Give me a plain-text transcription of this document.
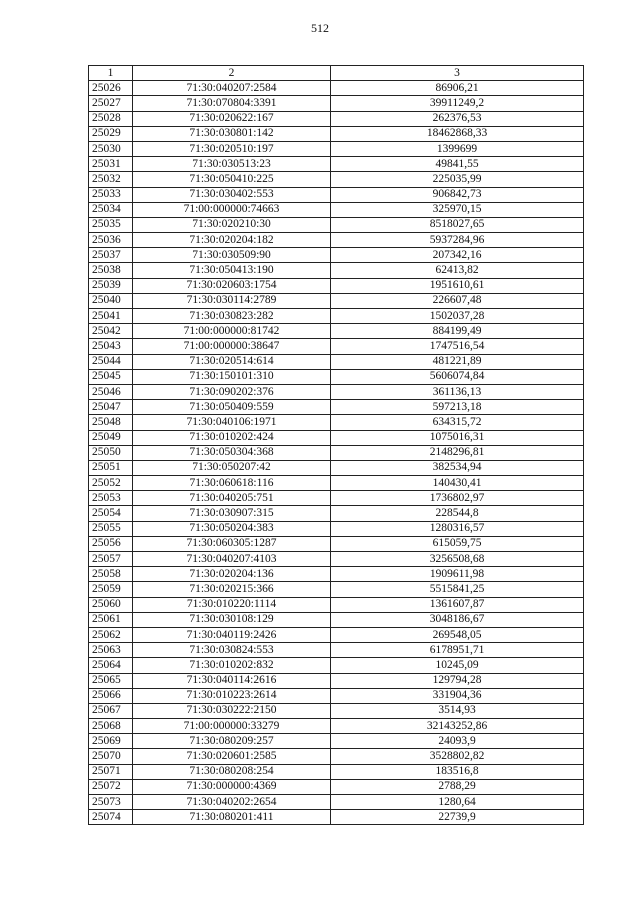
512
1	2	3
25026	71:30:040207:2584	86906,21
25027	71:30:070804:3391	39911249,2
25028	71:30:020622:167	262376,53
25029	71:30:030801:142	18462868,33
25030	71:30:020510:197	1399699
25031	71:30:030513:23	49841,55
25032	71:30:050410:225	225035,99
25033	71:30:030402:553	906842,73
25034	71:00:000000:74663	325970,15
25035	71:30:020210:30	8518027,65
25036	71:30:020204:182	5937284,96
25037	71:30:030509:90	207342,16
25038	71:30:050413:190	62413,82
25039	71:30:020603:1754	1951610,61
25040	71:30:030114:2789	226607,48
25041	71:30:030823:282	1502037,28
25042	71:00:000000:81742	884199,49
25043	71:00:000000:38647	1747516,54
25044	71:30:020514:614	481221,89
25045	71:30:150101:310	5606074,84
25046	71:30:090202:376	361136,13
25047	71:30:050409:559	597213,18
25048	71:30:040106:1971	634315,72
25049	71:30:010202:424	1075016,31
25050	71:30:050304:368	2148296,81
25051	71:30:050207:42	382534,94
25052	71:30:060618:116	140430,41
25053	71:30:040205:751	1736802,97
25054	71:30:030907:315	228544,8
25055	71:30:050204:383	1280316,57
25056	71:30:060305:1287	615059,75
25057	71:30:040207:4103	3256508,68
25058	71:30:020204:136	1909611,98
25059	71:30:020215:366	5515841,25
25060	71:30:010220:1114	1361607,87
25061	71:30:030108:129	3048186,67
25062	71:30:040119:2426	269548,05
25063	71:30:030824:553	6178951,71
25064	71:30:010202:832	10245,09
25065	71:30:040114:2616	129794,28
25066	71:30:010223:2614	331904,36
25067	71:30:030222:2150	3514,93
25068	71:00:000000:33279	32143252,86
25069	71:30:080209:257	24093,9
25070	71:30:020601:2585	3528802,82
25071	71:30:080208:254	183516,8
25072	71:30:000000:4369	2788,29
25073	71:30:040202:2654	1280,64
25074	71:30:080201:411	22739,9
